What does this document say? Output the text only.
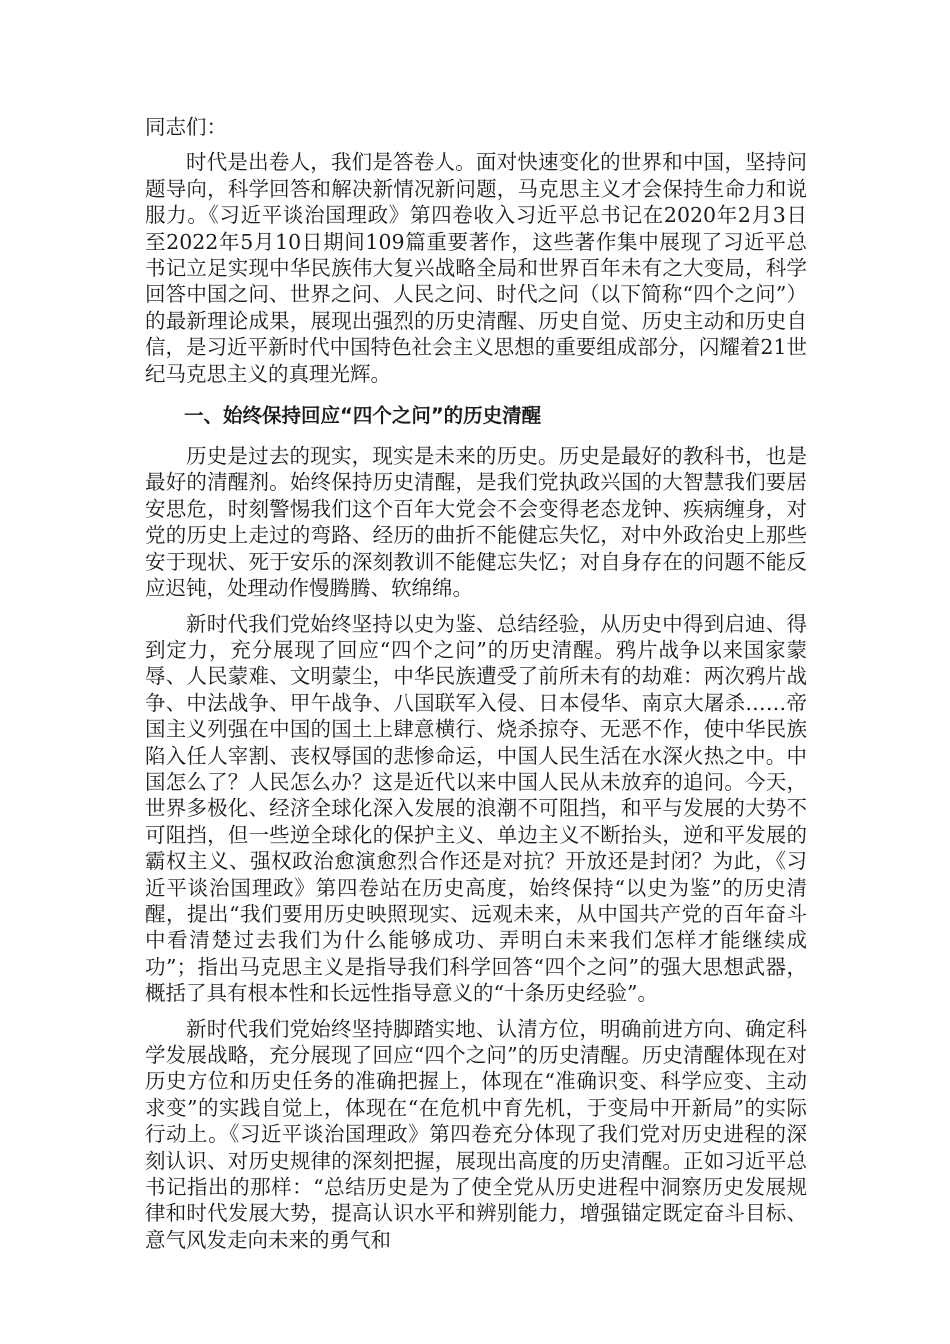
同志们：

时代是出卷人，我们是答卷人。面对快速变化的世界和中国，坚持问题导向，科学回答和解决新情况新问题，马克思主义才会保持生命力和说服力。《习近平谈治国理政》第四卷收入习近平总书记在2020年2月3日至2022年5月10日期间109篇重要著作，这些著作集中展现了习近平总书记立足实现中华民族伟大复兴战略全局和世界百年未有之大变局，科学回答中国之问、世界之问、人民之问、时代之问（以下简称“四个之问”）的最新理论成果，展现出强烈的历史清醒、历史自觉、历史主动和历史自信，是习近平新时代中国特色社会主义思想的重要组成部分，闪耀着21世纪马克思主义的真理光辉。

一、始终保持回应“四个之问”的历史清醒

历史是过去的现实，现实是未来的历史。历史是最好的教科书，也是最好的清醒剂。始终保持历史清醒，是我们党执政兴国的大智慧我们要居安思危，时刻警惕我们这个百年大党会不会变得老态龙钟、疾病缠身，对党的历史上走过的弯路、经历的曲折不能健忘失忆，对中外政治史上那些安于现状、死于安乐的深刻教训不能健忘失忆；对自身存在的问题不能反应迟钝，处理动作慢腾腾、软绵绵。

新时代我们党始终坚持以史为鉴、总结经验，从历史中得到启迪、得到定力，充分展现了回应“四个之问”的历史清醒。鸦片战争以来国家蒙辱、人民蒙难、文明蒙尘，中华民族遭受了前所未有的劫难：两次鸦片战争、中法战争、甲午战争、八国联军入侵、日本侵华、南京大屠杀……帝国主义列强在中国的国土上肆意横行、烧杀掠夺、无恶不作，使中华民族陷入任人宰割、丧权辱国的悲惨命运，中国人民生活在水深火热之中。中国怎么了？人民怎么办？这是近代以来中国人民从未放弃的追问。今天，世界多极化、经济全球化深入发展的浪潮不可阻挡，和平与发展的大势不可阻挡，但一些逆全球化的保护主义、单边主义不断抬头，逆和平发展的霸权主义、强权政治愈演愈烈合作还是对抗？开放还是封闭？为此，《习近平谈治国理政》第四卷站在历史高度，始终保持“以史为鉴”的历史清醒，提出“我们要用历史映照现实、远观未来，从中国共产党的百年奋斗中看清楚过去我们为什么能够成功、弄明白未来我们怎样才能继续成功”；指出马克思主义是指导我们科学回答“四个之问”的强大思想武器，概括了具有根本性和长远性指导意义的“十条历史经验”。

新时代我们党始终坚持脚踏实地、认清方位，明确前进方向、确定科学发展战略，充分展现了回应“四个之问”的历史清醒。历史清醒体现在对历史方位和历史任务的准确把握上，体现在“准确识变、科学应变、主动求变”的实践自觉上，体现在“在危机中育先机，于变局中开新局”的实际行动上。《习近平谈治国理政》第四卷充分体现了我们党对历史进程的深刻认识、对历史规律的深刻把握，展现出高度的历史清醒。正如习近平总书记指出的那样：“总结历史是为了使全党从历史进程中洞察历史发展规律和时代发展大势，提高认识水平和辨别能力，增强锚定既定奋斗目标、意气风发走向未来的勇气和
